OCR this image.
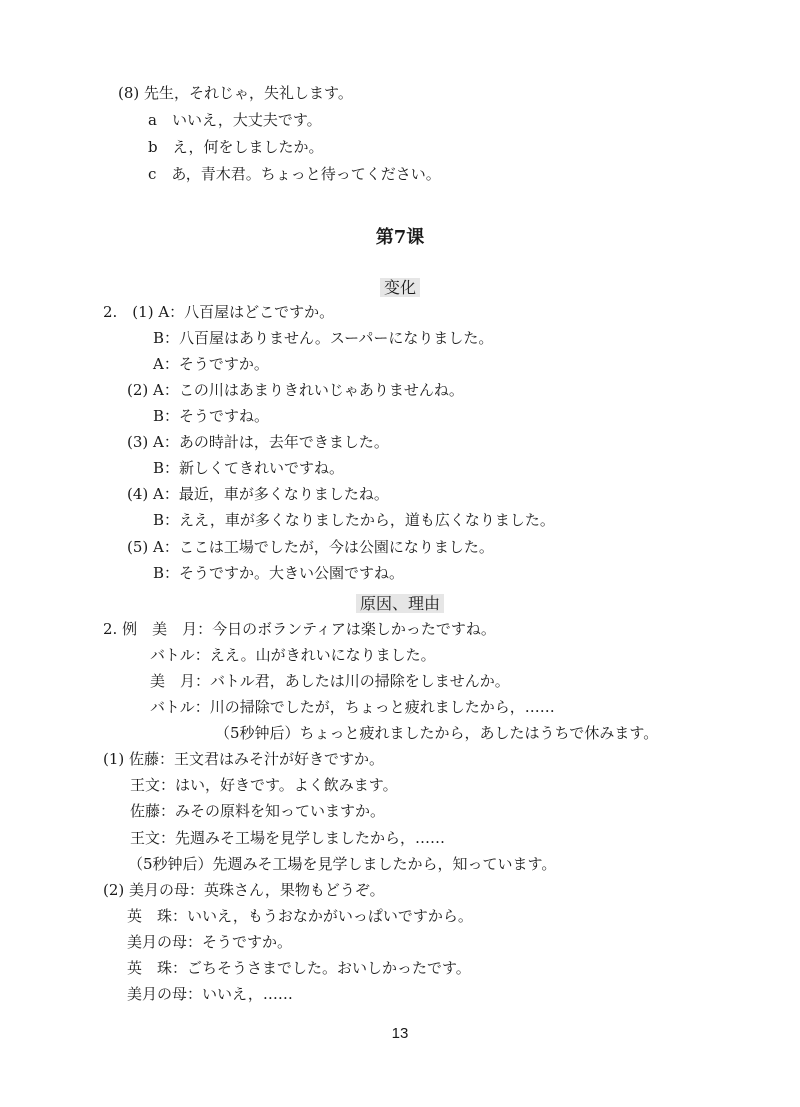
(8) 先生，それじゃ，失礼します。
a　いいえ，大丈夫です。
b　え，何をしましたか。
c　あ，青木君。ちょっと待ってください。
第7课
变化
2.　(1) A：八百屋はどこですか。
B：八百屋はありません。スーパーになりました。
A：そうですか。
(2) A：この川はあまりきれいじゃありませんね。
B：そうですね。
(3) A：あの時計は，去年できました。
B：新しくてきれいですね。
(4) A：最近，車が多くなりましたね。
B：ええ，車が多くなりましたから，道も広くなりました。
(5) A：ここは工場でしたが，今は公園になりました。
B：そうですか。大きい公園ですね。
原因、理由
2. 例　美　月：今日のボランティアは楽しかったですね。
バトル：ええ。山がきれいになりました。
美　月：バトル君，あしたは川の掃除をしませんか。
バトル：川の掃除でしたが，ちょっと疲れましたから，……
（5秒钟后）ちょっと疲れましたから，あしたはうちで休みます。
(1) 佐藤：王文君はみそ汁が好きですか。
王文：はい，好きです。よく飲みます。
佐藤：みその原料を知っていますか。
王文：先週みそ工場を見学しましたから，……
（5秒钟后）先週みそ工場を見学しましたから，知っています。
(2) 美月の母：英珠さん，果物もどうぞ。
英　珠：いいえ，もうおなかがいっぱいですから。
美月の母：そうですか。
英　珠：ごちそうさまでした。おいしかったです。
美月の母：いいえ，……
13
